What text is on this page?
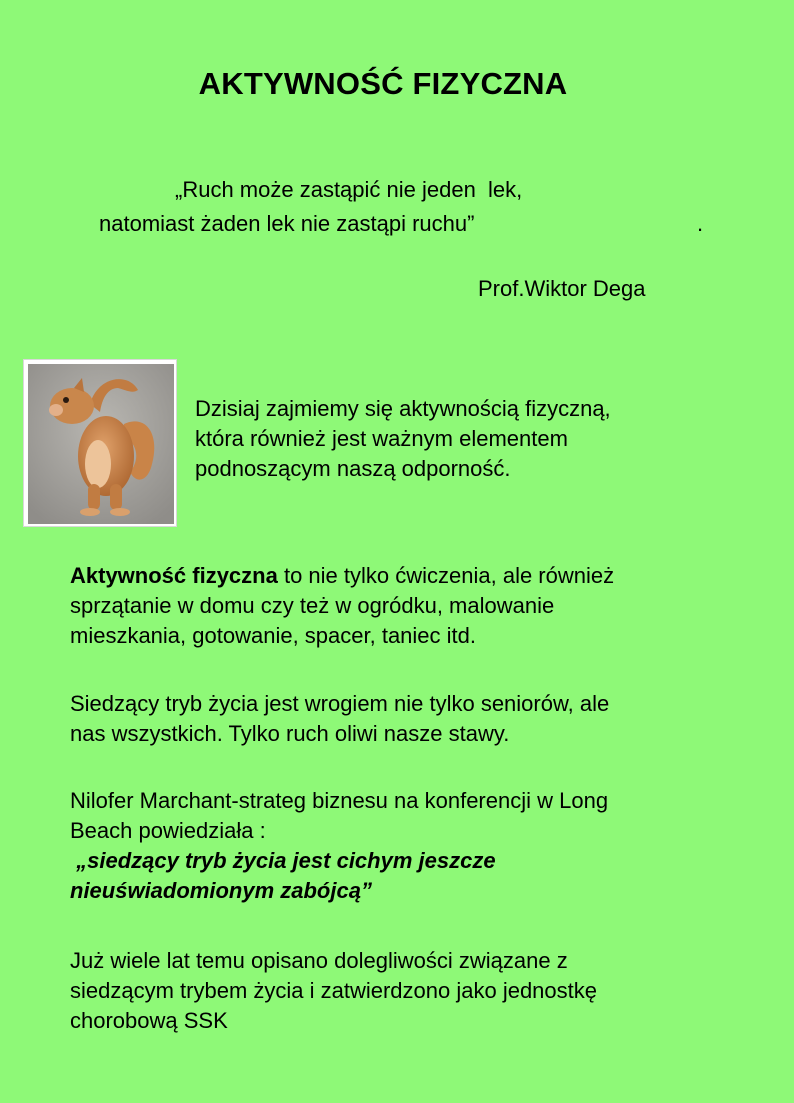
AKTYWNOŚĆ FIZYCZNA
„Ruch może zastąpić nie jeden  lek,
natomiast żaden lek nie zastąpi ruchu”	.
Prof.Wiktor Dega
Dzisiaj zajmiemy się aktywnością fizyczną,
która również jest ważnym elementem
podnoszącym naszą odporność.
Aktywność fizyczna to nie tylko ćwiczenia, ale również
sprzątanie w domu czy też w ogródku, malowanie
mieszkania, gotowanie, spacer, taniec itd.
Siedzący tryb życia jest wrogiem nie tylko seniorów, ale
nas wszystkich. Tylko ruch oliwi nasze stawy.
Nilofer Marchant-strateg biznesu na konferencji w Long
Beach powiedziała :
„siedzący tryb życia jest cichym jeszcze
nieuświadomionym zabójcą”
Już wiele lat temu opisano dolegliwości związane z
siedzącym trybem życia i zatwierdzono jako jednostkę
chorobową SSK
